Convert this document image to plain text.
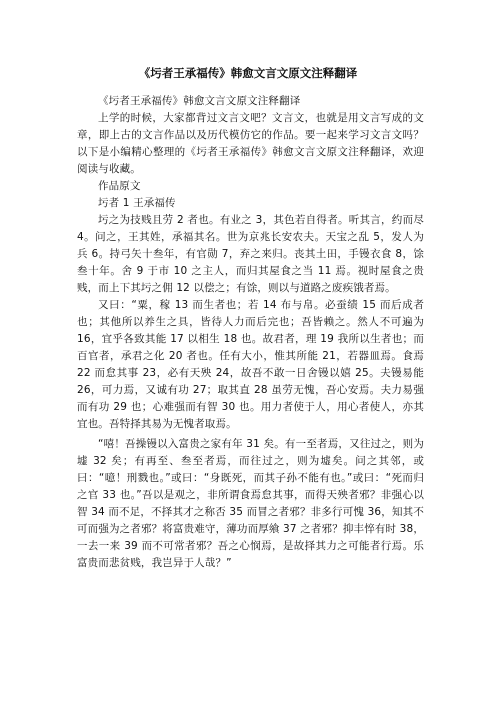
《圬者王承福传》韩愈文言文原文注释翻译

《圬者王承福传》韩愈文言文原文注释翻译

上学的时候，大家都背过文言文吧？文言文，也就是用文言写成的文章，即上古的文言作品以及历代模仿它的作品。要一起来学习文言文吗？以下是小编精心整理的《圬者王承福传》韩愈文言文原文注释翻译，欢迎阅读与收藏。

作品原文

圬者 1 王承福传

圬之为技贱且劳 2 者也。有业之 3，其色若自得者。听其言，约而尽 4。问之，王其姓，承福其名。世为京兆长安农夫。天宝之乱 5，发人为兵 6。持弓矢十叁年，有官勋 7，弃之来归。丧其土田，手镘衣食 8，馀叁十年。舍 9 于市 10 之主人，而归其屋食之当 11 焉。视时屋食之贵贱，而上下其圬之佣 12 以偿之；有馀，则以与道路之废疾饿者焉。

又曰：“粟，稼 13 而生者也；若 14 布与帛。必蚕绩 15 而后成者也；其他所以养生之具，皆待人力而后完也；吾皆赖之。然人不可遍为 16，宜乎各致其能 17 以相生 18 也。故君者，理 19 我所以生者也；而百官者，承君之化 20 者也。任有大小，惟其所能 21，若器皿焉。食焉 22 而怠其事 23，必有天殃 24，故吾不敢一日舍镘以嬉 25。夫镘易能 26，可力焉，又诚有功 27；取其直 28 虽劳无愧，吾心安焉。夫力易强而有功 29 也；心难强而有智 30 也。用力者使于人，用心者使人，亦其宜也。吾特择其易为无愧者取焉。

“嘻！吾操镘以入富贵之家有年 31 矣。有一至者焉，又往过之，则为墟 32 矣；有再至、叁至者焉，而往过之，则为墟矣。问之其邻，或曰：“噫！刑戮也。”或曰：“身既死，而其子孙不能有也。”或曰：“死而归之官 33 也。”吾以是观之，非所谓食焉怠其事，而得天殃者邪？非强心以智 34 而不足，不择其才之称否 35 而冒之者邪？非多行可愧 36，知其不可而强为之者邪？将富贵难守，薄功而厚飨 37 之者邪？抑丰悴有时 38，一去一来 39 而不可常者邪？吾之心悯焉，是故择其力之可能者行焉。乐富贵而悲贫贱，我岂异于人哉？”
